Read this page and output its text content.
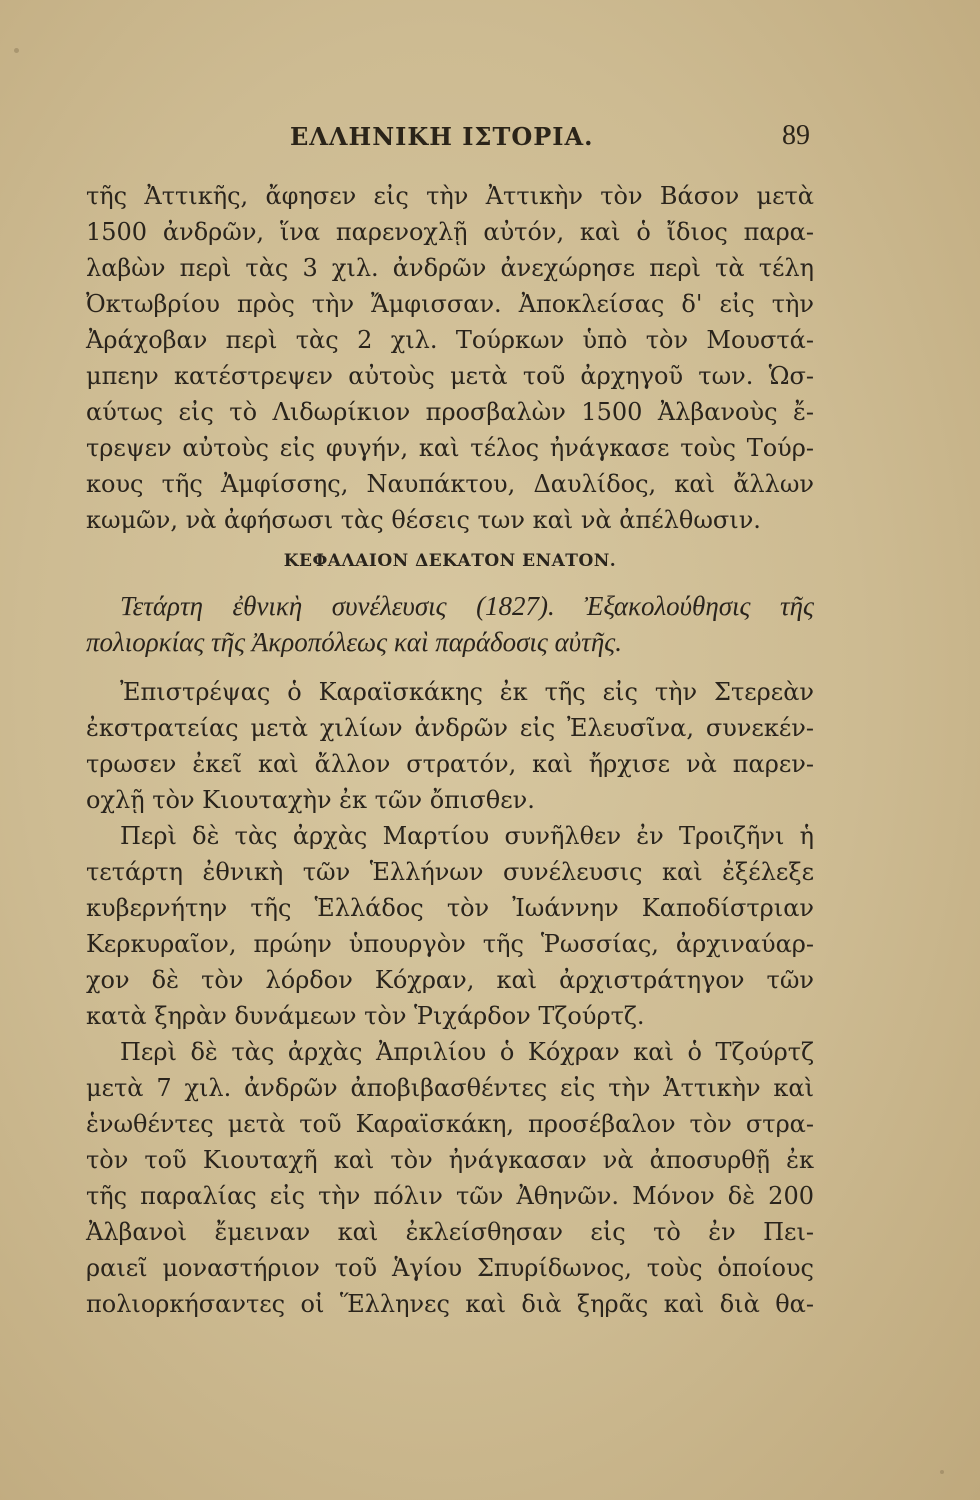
ΕΛΛΗΝΙΚΗ ΙΣΤΟΡΙΑ.	89
τῆς Ἀττικῆς, ἄφησεν εἰς τὴν Ἀττικὴν τὸν Βάσον μετὰ
1500 ἀνδρῶν, ἵνα παρενοχλῇ αὐτόν, καὶ ὁ ἴδιος παρα-
λαβὼν περὶ τὰς 3 χιλ. ἀνδρῶν ἀνεχώρησε περὶ τὰ τέλη
Ὀκτωβρίου πρὸς τὴν Ἄμφισσαν. Ἀποκλείσας δ' εἰς τὴν
Ἀράχοβαν περὶ τὰς 2 χιλ. Τούρκων ὑπὸ τὸν Μουστά-
μπεην κατέστρεψεν αὐτοὺς μετὰ τοῦ ἀρχηγοῦ των. Ὡσ-
αύτως εἰς τὸ Λιδωρίκιον προσβαλὼν 1500 Ἀλβανοὺς ἔ-
τρεψεν αὐτοὺς εἰς φυγήν, καὶ τέλος ἠνάγκασε τοὺς Τούρ-
κους τῆς Ἀμφίσσης, Ναυπάκτου, Δαυλίδος, καὶ ἄλλων
κωμῶν, νὰ ἀφήσωσι τὰς θέσεις των καὶ νὰ ἀπέλθωσιν.
ΚΕΦΑΛΑΙΟΝ ΔΕΚΑΤΟΝ ΕΝΑΤΟΝ.
Τετάρτη ἐθνικὴ συνέλευσις (1827). Ἐξακολούθησις τῆς
πολιορκίας τῆς Ἀκροπόλεως καὶ παράδοσις αὐτῆς.
Ἐπιστρέψας ὁ Καραϊσκάκης ἐκ τῆς εἰς τὴν Στερεὰν
ἐκστρατείας μετὰ χιλίων ἀνδρῶν εἰς Ἐλευσῖνα, συνεκέν-
τρωσεν ἐκεῖ καὶ ἄλλον στρατόν, καὶ ἤρχισε νὰ παρεν-
οχλῇ τὸν Κιουταχὴν ἐκ τῶν ὄπισθεν.
Περὶ δὲ τὰς ἀρχὰς Μαρτίου συνῆλθεν ἐν Τροιζῆνι ἡ
τετάρτη ἐθνικὴ τῶν Ἑλλήνων συνέλευσις καὶ ἐξέλεξε
κυβερνήτην τῆς Ἑλλάδος τὸν Ἰωάννην Καποδίστριαν
Κερκυραῖον, πρώην ὑπουργὸν τῆς Ῥωσσίας, ἀρχιναύαρ-
χον δὲ τὸν λόρδον Κόχραν, καὶ ἀρχιστράτηγον τῶν
κατὰ ξηρὰν δυνάμεων τὸν Ῥιχάρδον Τζούρτζ.
Περὶ δὲ τὰς ἀρχὰς Ἀπριλίου ὁ Κόχραν καὶ ὁ Τζούρτζ
μετὰ 7 χιλ. ἀνδρῶν ἀποβιβασθέντες εἰς τὴν Ἀττικὴν καὶ
ἑνωθέντες μετὰ τοῦ Καραϊσκάκη, προσέβαλον τὸν στρα-
τὸν τοῦ Κιουταχῆ καὶ τὸν ἠνάγκασαν νὰ ἀποσυρθῇ ἐκ
τῆς παραλίας εἰς τὴν πόλιν τῶν Ἀθηνῶν. Μόνον δὲ 200
Ἀλβανοὶ ἔμειναν καὶ ἐκλείσθησαν εἰς τὸ ἐν Πει-
ραιεῖ μοναστήριον τοῦ Ἁγίου Σπυρίδωνος, τοὺς ὁποίους
πολιορκήσαντες οἱ Ἕλληνες καὶ διὰ ξηρᾶς καὶ διὰ θα-
